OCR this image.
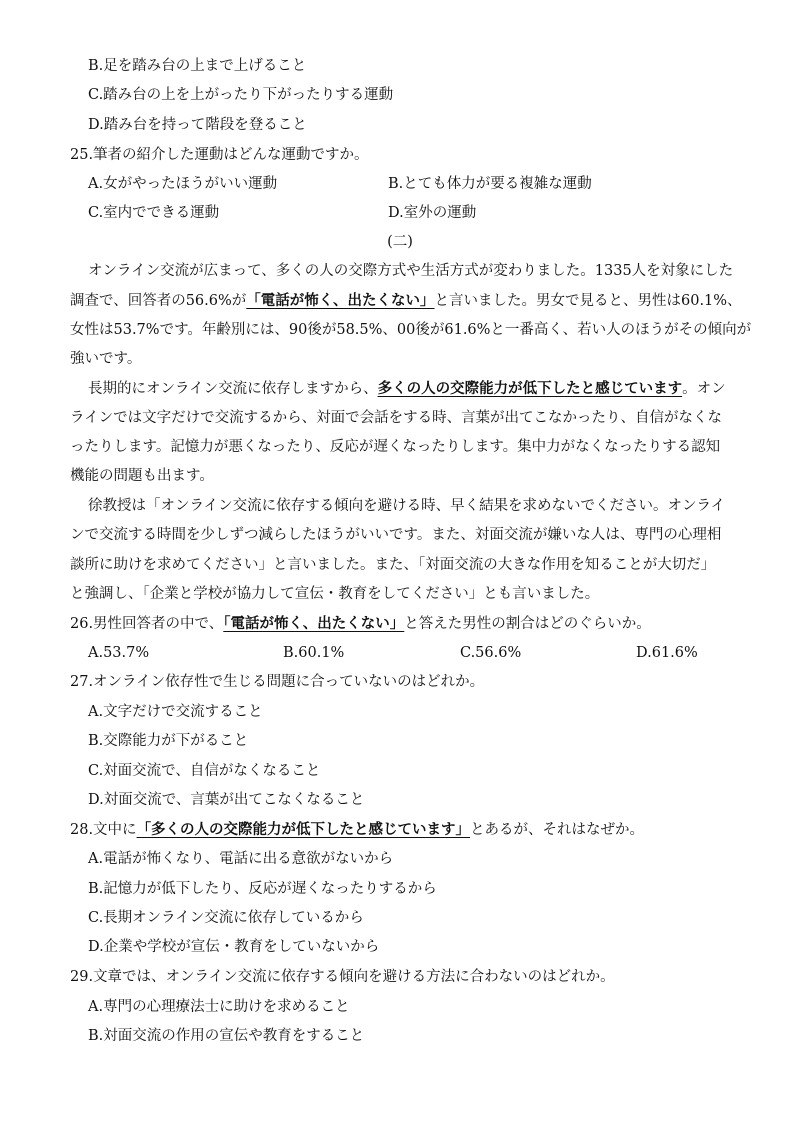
B.足を踏み台の上まで上げること
C.踏み台の上を上がったり下がったりする運動
D.踏み台を持って階段を登ること
25.筆者の紹介した運動はどんな運動ですか。
A.女がやったほうがいい運動	B.とても体力が要る複雑な運動
C.室内でできる運動	D.室外の運動
(二)
オンライン交流が広まって、多くの人の交際方式や生活方式が変わりました。1335人を対象にした
調査で、回答者の56.6%が「電話が怖く、出たくない」と言いました。男女で見ると、男性は60.1%、
女性は53.7%です。年齢別には、90後が58.5%、00後が61.6%と一番高く、若い人のほうがその傾向が
強いです。
長期的にオンライン交流に依存しますから、多くの人の交際能力が低下したと感じています。オン
ラインでは文字だけで交流するから、対面で会話をする時、言葉が出てこなかったり、自信がなくな
ったりします。記憶力が悪くなったり、反応が遅くなったりします。集中力がなくなったりする認知
機能の問題も出ます。
徐教授は「オンライン交流に依存する傾向を避ける時、早く結果を求めないでください。オンライ
ンで交流する時間を少しずつ減らしたほうがいいです。また、対面交流が嫌いな人は、専門の心理相
談所に助けを求めてください」と言いました。また、「対面交流の大きな作用を知ることが大切だ」
と強調し、「企業と学校が協力して宣伝・教育をしてください」とも言いました。
26.男性回答者の中で、「電話が怖く、出たくない」と答えた男性の割合はどのぐらいか。
A.53.7%	B.60.1%	C.56.6%	D.61.6%
27.オンライン依存性で生じる問題に合っていないのはどれか。
A.文字だけで交流すること
B.交際能力が下がること
C.対面交流で、自信がなくなること
D.対面交流で、言葉が出てこなくなること
28.文中に「多くの人の交際能力が低下したと感じています」とあるが、それはなぜか。
A.電話が怖くなり、電話に出る意欲がないから
B.記憶力が低下したり、反応が遅くなったりするから
C.長期オンライン交流に依存しているから
D.企業や学校が宣伝・教育をしていないから
29.文章では、オンライン交流に依存する傾向を避ける方法に合わないのはどれか。
A.専門の心理療法士に助けを求めること
B.対面交流の作用の宣伝や教育をすること
